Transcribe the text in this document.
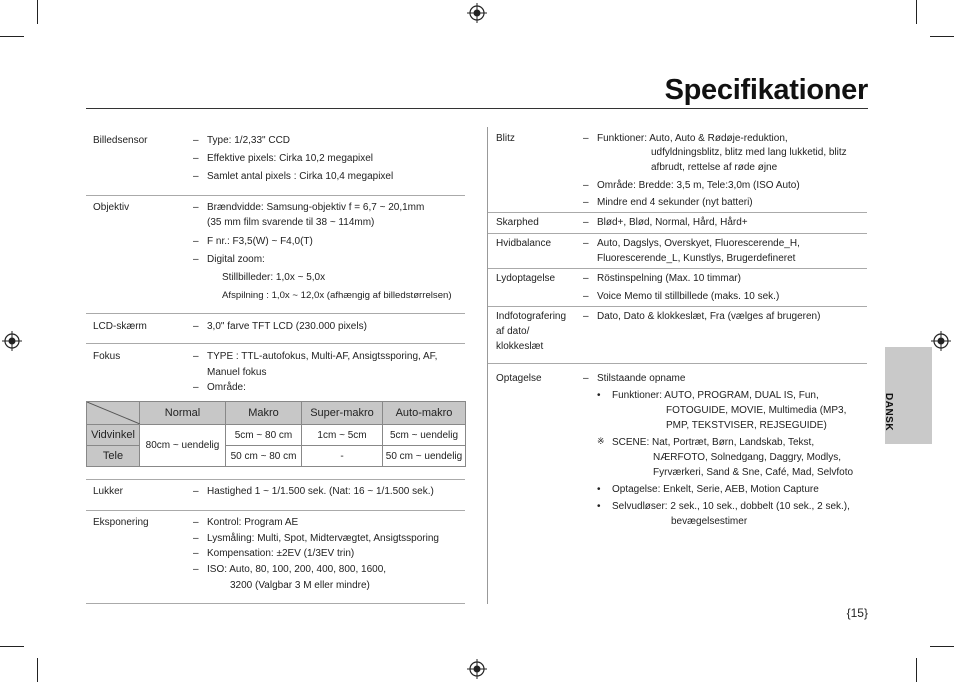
Specifikationer
DANSK
Billedsensor	– Type: 1/2,33" CCD
– Effektive pixels: Cirka 10,2 megapixel
– Samlet antal pixels : Cirka 10,4 megapixel
Objektiv	– Brændvidde: Samsung-objektiv f = 6,7 ~ 20,1mm
(35 mm film svarende til 38 ~ 114mm)
– F nr.: F3,5(W) ~ F4,0(T)
– Digital zoom:
Stillbilleder: 1,0x ~ 5,0x
Afspilning : 1,0x ~ 12,0x (afhængig af billedstørrelsen)
LCD-skærm	– 3,0" farve TFT LCD (230.000 pixels)
Fokus	– TYPE : TTL-autofokus, Multi-AF, Ansigtssporing, AF,
Manuel fokus
– Område:
	Normal	Makro	Super-makro	Auto-makro
Vidvinkel	80cm ~ uendelig	5cm ~ 80 cm	1cm ~ 5cm	5cm ~ uendelig
Tele		50 cm ~ 80 cm	-	50 cm ~ uendelig
Lukker	– Hastighed 1 ~ 1/1.500 sek. (Nat: 16 ~ 1/1.500 sek.)
Eksponering	– Kontrol: Program AE
– Lysmåling: Multi, Spot, Midtervægtet, Ansigtssporing
– Kompensation: ±2EV (1/3EV trin)
– ISO: Auto, 80, 100, 200, 400, 800, 1600,
3200 (Valgbar 3 M eller mindre)
Blitz	– Funktioner: Auto, Auto & Rødøje-reduktion,
udfyldningsblitz, blitz med lang lukketid, blitz
afbrudt, rettelse af røde øjne
– Område: Bredde: 3,5 m, Tele:3,0m (ISO Auto)
– Mindre end 4 sekunder (nyt batteri)
Skarphed	– Blød+, Blød, Normal, Hård, Hård+
Hvidbalance	– Auto, Dagslys, Overskyet, Fluorescerende_H,
Fluorescerende_L, Kunstlys, Brugerdefineret
Lydoptagelse	– Röstinspelning (Max. 10 timmar)
– Voice Memo til stillbillede (maks. 10 sek.)
Indfotografering
af dato/
klokkeslæt
– Dato, Dato & klokkeslæt, Fra (vælges af brugeren)
Optagelse	– Stilstaande opname
• Funktioner: AUTO, PROGRAM, DUAL IS, Fun,
FOTOGUIDE, MOVIE, Multimedia (MP3,
PMP, TEKSTVISER, REJSEGUIDE)
※ SCENE: Nat, Portræt, Børn, Landskab, Tekst,
NÆRFOTO, Solnedgang, Daggry, Modlys,
Fyrværkeri, Sand & Sne, Café, Mad, Selvfoto
• Optagelse: Enkelt, Serie, AEB, Motion Capture
• Selvudløser: 2 sek., 10 sek., dobbelt (10 sek., 2 sek.),
bevægelsestimer
{15}
